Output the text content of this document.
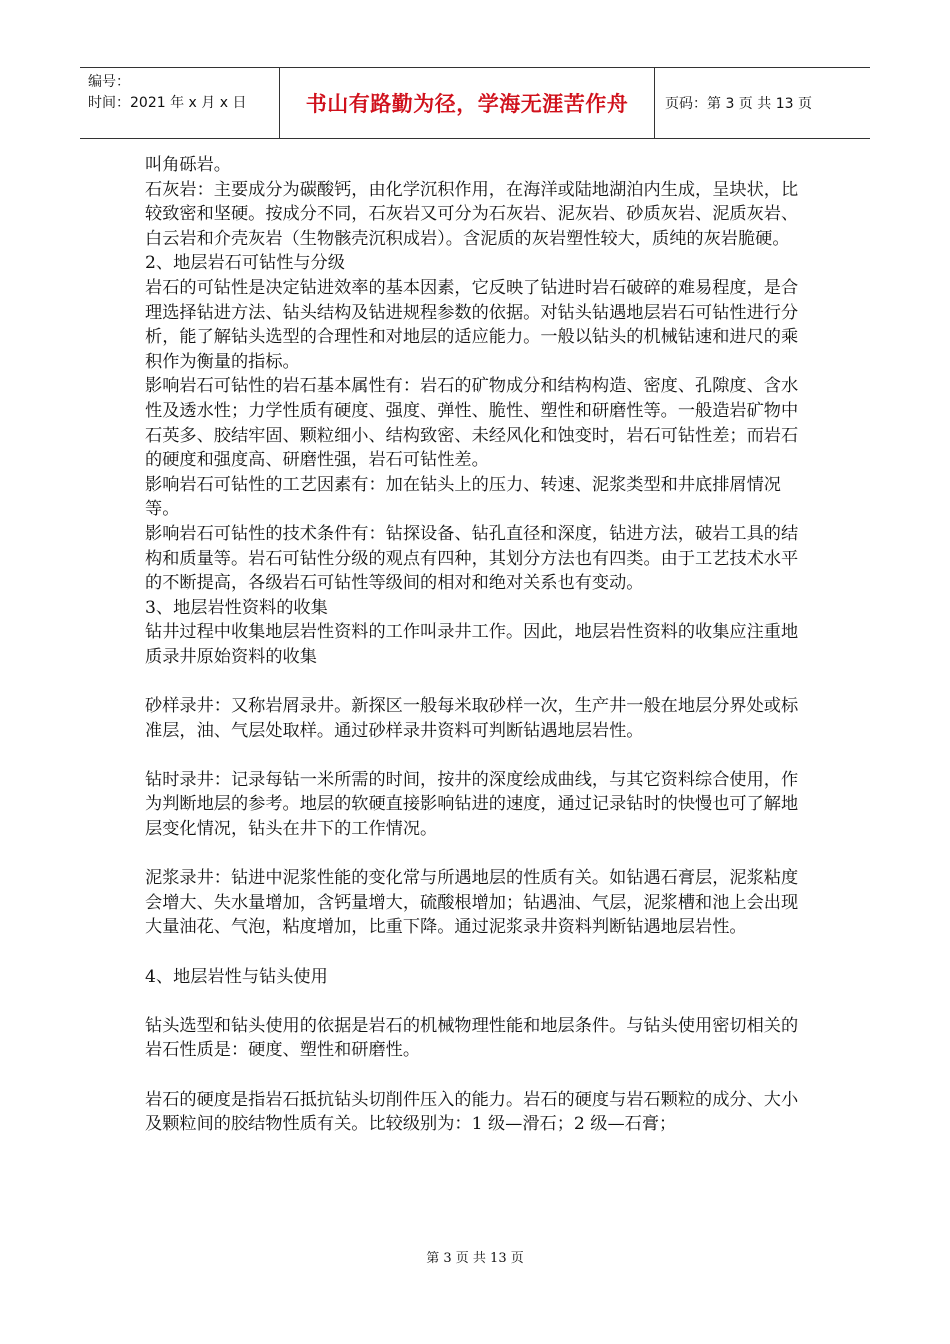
编号：
时间：2021 年 x 月 x 日	书山有路勤为径，学海无涯苦作舟	页码：第 3 页 共 13 页

叫角砾岩。

石灰岩：主要成分为碳酸钙，由化学沉积作用，在海洋或陆地湖泊内生成，呈块状，比较致密和坚硬。按成分不同，石灰岩又可分为石灰岩、泥灰岩、砂质灰岩、泥质灰岩、白云岩和介壳灰岩（生物骸壳沉积成岩）。含泥质的灰岩塑性较大，质纯的灰岩脆硬。

2、地层岩石可钻性与分级

岩石的可钻性是决定钻进效率的基本因素，它反映了钻进时岩石破碎的难易程度，是合理选择钻进方法、钻头结构及钻进规程参数的依据。对钻头钻遇地层岩石可钻性进行分析，能了解钻头选型的合理性和对地层的适应能力。一般以钻头的机械钻速和进尺的乘积作为衡量的指标。

影响岩石可钻性的岩石基本属性有：岩石的矿物成分和结构构造、密度、孔隙度、含水性及透水性；力学性质有硬度、强度、弹性、脆性、塑性和研磨性等。一般造岩矿物中石英多、胶结牢固、颗粒细小、结构致密、未经风化和蚀变时，岩石可钻性差；而岩石的硬度和强度高、研磨性强，岩石可钻性差。

影响岩石可钻性的工艺因素有：加在钻头上的压力、转速、泥浆类型和井底排屑情况等。

影响岩石可钻性的技术条件有：钻探设备、钻孔直径和深度，钻进方法，破岩工具的结构和质量等。岩石可钻性分级的观点有四种，其划分方法也有四类。由于工艺技术水平的不断提高，各级岩石可钻性等级间的相对和绝对关系也有变动。

3、地层岩性资料的收集

钻井过程中收集地层岩性资料的工作叫录井工作。因此，地层岩性资料的收集应注重地质录井原始资料的收集

砂样录井：又称岩屑录井。新探区一般每米取砂样一次，生产井一般在地层分界处或标准层，油、气层处取样。通过砂样录井资料可判断钻遇地层岩性。

钻时录井：记录每钻一米所需的时间，按井的深度绘成曲线，与其它资料综合使用，作为判断地层的参考。地层的软硬直接影响钻进的速度，通过记录钻时的快慢也可了解地层变化情况，钻头在井下的工作情况。

泥浆录井：钻进中泥浆性能的变化常与所遇地层的性质有关。如钻遇石膏层，泥浆粘度会增大、失水量增加，含钙量增大，硫酸根增加；钻遇油、气层，泥浆槽和池上会出现大量油花、气泡，粘度增加，比重下降。通过泥浆录井资料判断钻遇地层岩性。

4、地层岩性与钻头使用

钻头选型和钻头使用的依据是岩石的机械物理性能和地层条件。与钻头使用密切相关的岩石性质是：硬度、塑性和研磨性。

岩石的硬度是指岩石抵抗钻头切削件压入的能力。岩石的硬度与岩石颗粒的成分、大小及颗粒间的胶结物性质有关。比较级别为：1 级—滑石；2 级—石膏；

第 3 页 共 13 页
